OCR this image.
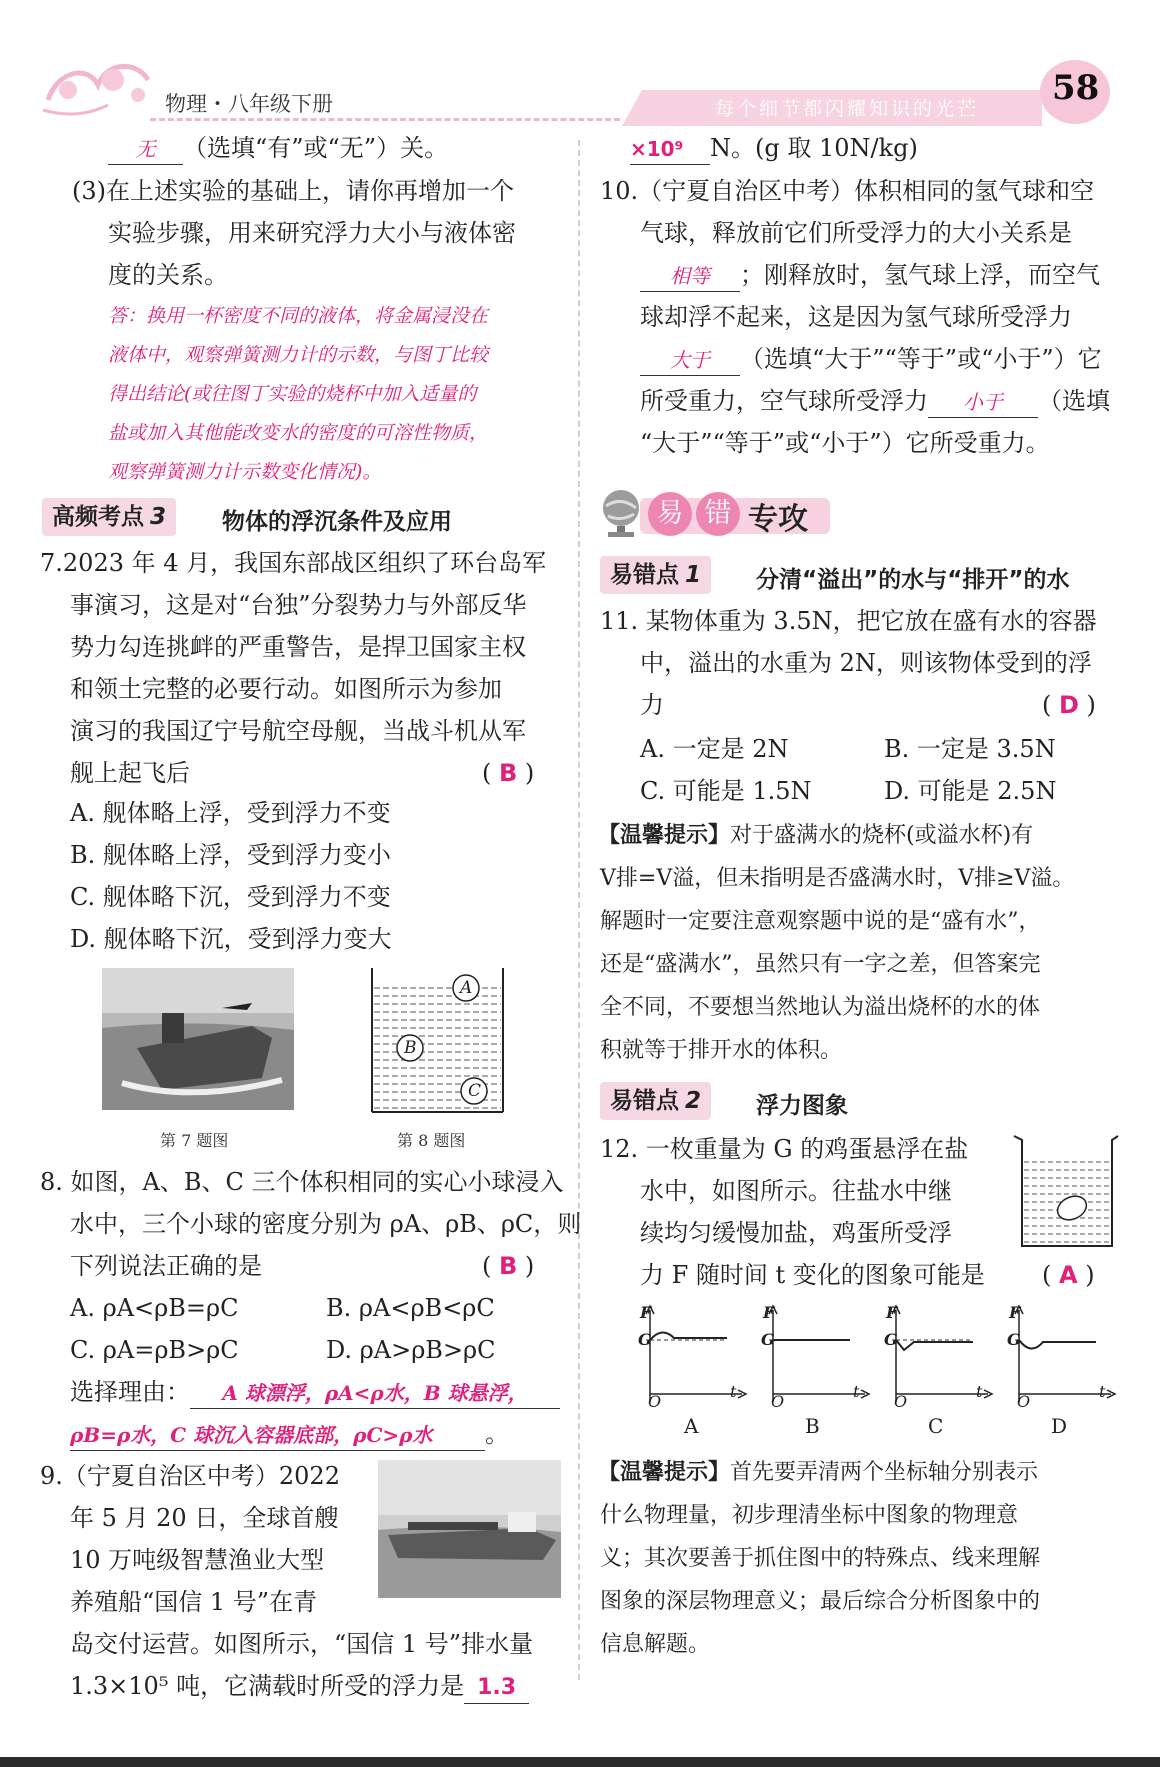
物理・八年级下册	每个细节都闪耀知识的光芒
58
无 （选填“有”或“无”）关。
(3)在上述实验的基础上，请你再增加一个
实验步骤，用来研究浮力大小与液体密
度的关系。
答：换用一杯密度不同的液体，将金属浸没在
液体中，观察弹簧测力计的示数，与图丁比较
得出结论(或往图丁实验的烧杯中加入适量的
盐或加入其他能改变水的密度的可溶性物质，
观察弹簧测力计示数变化情况)。
高频考点 3	物体的浮沉条件及应用
7.2023 年 4 月，我国东部战区组织了环台岛军
事演习，这是对“台独”分裂势力与外部反华
势力勾连挑衅的严重警告，是捍卫国家主权
和领土完整的必要行动。如图所示为参加
演习的我国辽宁号航空母舰，当战斗机从军
舰上起飞后	( B )
A. 舰体略上浮，受到浮力不变
B. 舰体略上浮，受到浮力变小
C. 舰体略下沉，受到浮力不变
D. 舰体略下沉，受到浮力变大
第 7 题图
A
B
C
第 8 题图
8. 如图，A、B、C 三个体积相同的实心小球浸入
水中，三个小球的密度分别为 ρA、ρB、ρC，则
下列说法正确的是	( B )
A. ρA<ρB=ρC	B. ρA<ρB<ρC
C. ρA=ρB>ρC	D. ρA>ρB>ρC
选择理由： A 球漂浮，ρA<ρ水，B 球悬浮，
ρB=ρ水，C 球沉入容器底部，ρC>ρ水 。
9.（宁夏自治区中考）2022
年 5 月 20 日，全球首艘
10 万吨级智慧渔业大型
养殖船“国信 1 号”在青
岛交付运营。如图所示，“国信 1 号”排水量
1.3×10⁵ 吨，它满载时所受的浮力是 1.3
×10⁹ N。(g 取 10N/kg)
10.（宁夏自治区中考）体积相同的氢气球和空
气球，释放前它们所受浮力的大小关系是
相等 ；刚释放时，氢气球上浮，而空气
球却浮不起来，这是因为氢气球所受浮力
大于 （选填“大于”“等于”或“小于”）它
所受重力，空气球所受浮力 小于 （选填
“大于”“等于”或“小于”）它所受重力。
易 错 专攻
易错点 1	分清“溢出”的水与“排开”的水
11. 某物体重为 3.5N，把它放在盛有水的容器
中，溢出的水重为 2N，则该物体受到的浮
力	( D )
A. 一定是 2N	B. 一定是 3.5N
C. 可能是 1.5N	D. 可能是 2.5N
【温馨提示】对于盛满水的烧杯(或溢水杯)有
V排=V溢，但未指明是否盛满水时，V排≥V溢。
解题时一定要注意观察题中说的是“盛有水”，
还是“盛满水”，虽然只有一字之差，但答案完
全不同，不要想当然地认为溢出烧杯的水的体
积就等于排开水的体积。
易错点 2	浮力图象
12. 一枚重量为 G 的鸡蛋悬浮在盐
水中，如图所示。往盐水中继
续均匀缓慢加盐，鸡蛋所受浮
力 F 随时间 t 变化的图象可能是 ( A )
F
G
O
t
F
G
O
t
F
G
O
t
F
G
O
t
A	B	C	D
【温馨提示】首先要弄清两个坐标轴分别表示
什么物理量，初步理清坐标中图象的物理意
义；其次要善于抓住图中的特殊点、线来理解
图象的深层物理意义；最后综合分析图象中的
信息解题。
